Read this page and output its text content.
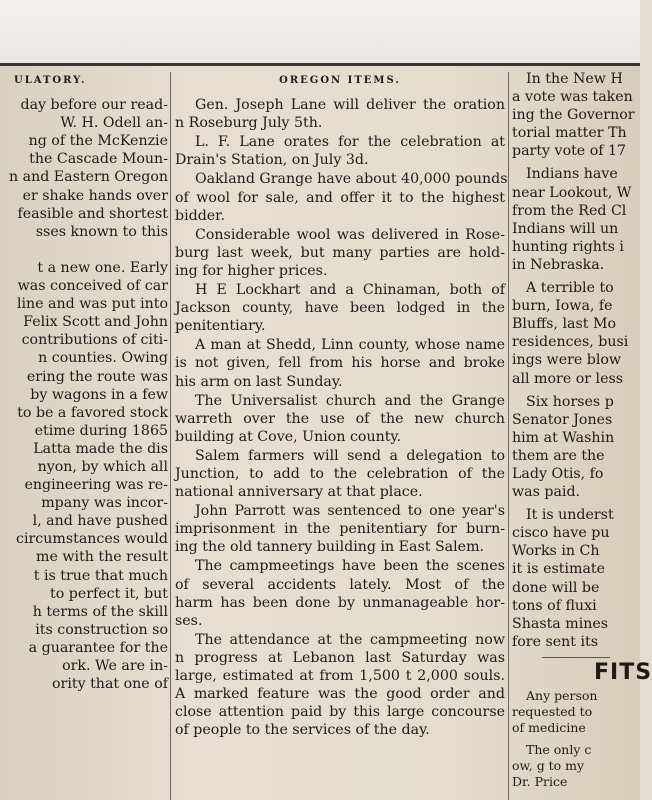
ULATORY.

day before our read-
W. H. Odell an-
ng of the McKenzie
the Cascade Moun-
n and Eastern Oregon
er shake hands over
feasible and shortest
sses known to this

t a new one. Early
was conceived of car
line and was put into
Felix Scott and John
contributions of citi-
n counties. Owing
ering the route was
by wagons in a few
to be a favored stock
etime during 1865
Latta made the dis
nyon, by which all
engineering was re-
mpany was incor-
l, and have pushed
circumstances would
me with the result
t is true that much
to perfect it, but
h terms of the skill
its construction so
a guarantee for the
ork. We are in-
ority that one of

OREGON ITEMS.

Gen. Joseph Lane will deliver the oration
n Roseburg July 5th.

L. F. Lane orates for the celebration at
Drain's Station, on July 3d.

Oakland Grange have about 40,000 pounds
of wool for sale, and offer it to the highest
bidder.

Considerable wool was delivered in Rose-
burg last week, but many parties are hold-
ing for higher prices.

H E Lockhart and a Chinaman, both of
Jackson county, have been lodged in the
penitentiary.

A man at Shedd, Linn county, whose name
is not given, fell from his horse and broke
his arm on last Sunday.

The Universalist church and the Grange
warreth over the use of the new church
building at Cove, Union county.

Salem farmers will send a delegation to
Junction, to add to the celebration of the
national anniversary at that place.

John Parrott was sentenced to one year's
imprisonment in the penitentiary for burn-
ing the old tannery building in East Salem.

The campmeetings have been the scenes
of several accidents lately. Most of the
harm has been done by unmanageable hor-
ses.

The attendance at the campmeeting now
n progress at Lebanon last Saturday was
large, estimated at from 1,500 t 2,000 souls.
A marked feature was the good order and
close attention paid by this large concourse
of people to the services of the day.

In the New H
a vote was taken
ing the Governor
torial matter Th
party vote of 17

Indians have
near Lookout, W
from the Red Cl
Indians will un
hunting rights i
in Nebraska.

A terrible to
burn, Iowa, fe
Bluffs, last Mo
residences, busi
ings were blow
all more or less

Six horses p
Senator Jones
him at Washin
them are the
Lady Otis, fo
was paid.

It is underst
cisco have pu
Works in Ch
it is estimate
done will be
tons of fluxi
Shasta mines
fore sent its

FITS
Any person
requested to
of medicine
The only c
ow, g to my
Dr. Price
